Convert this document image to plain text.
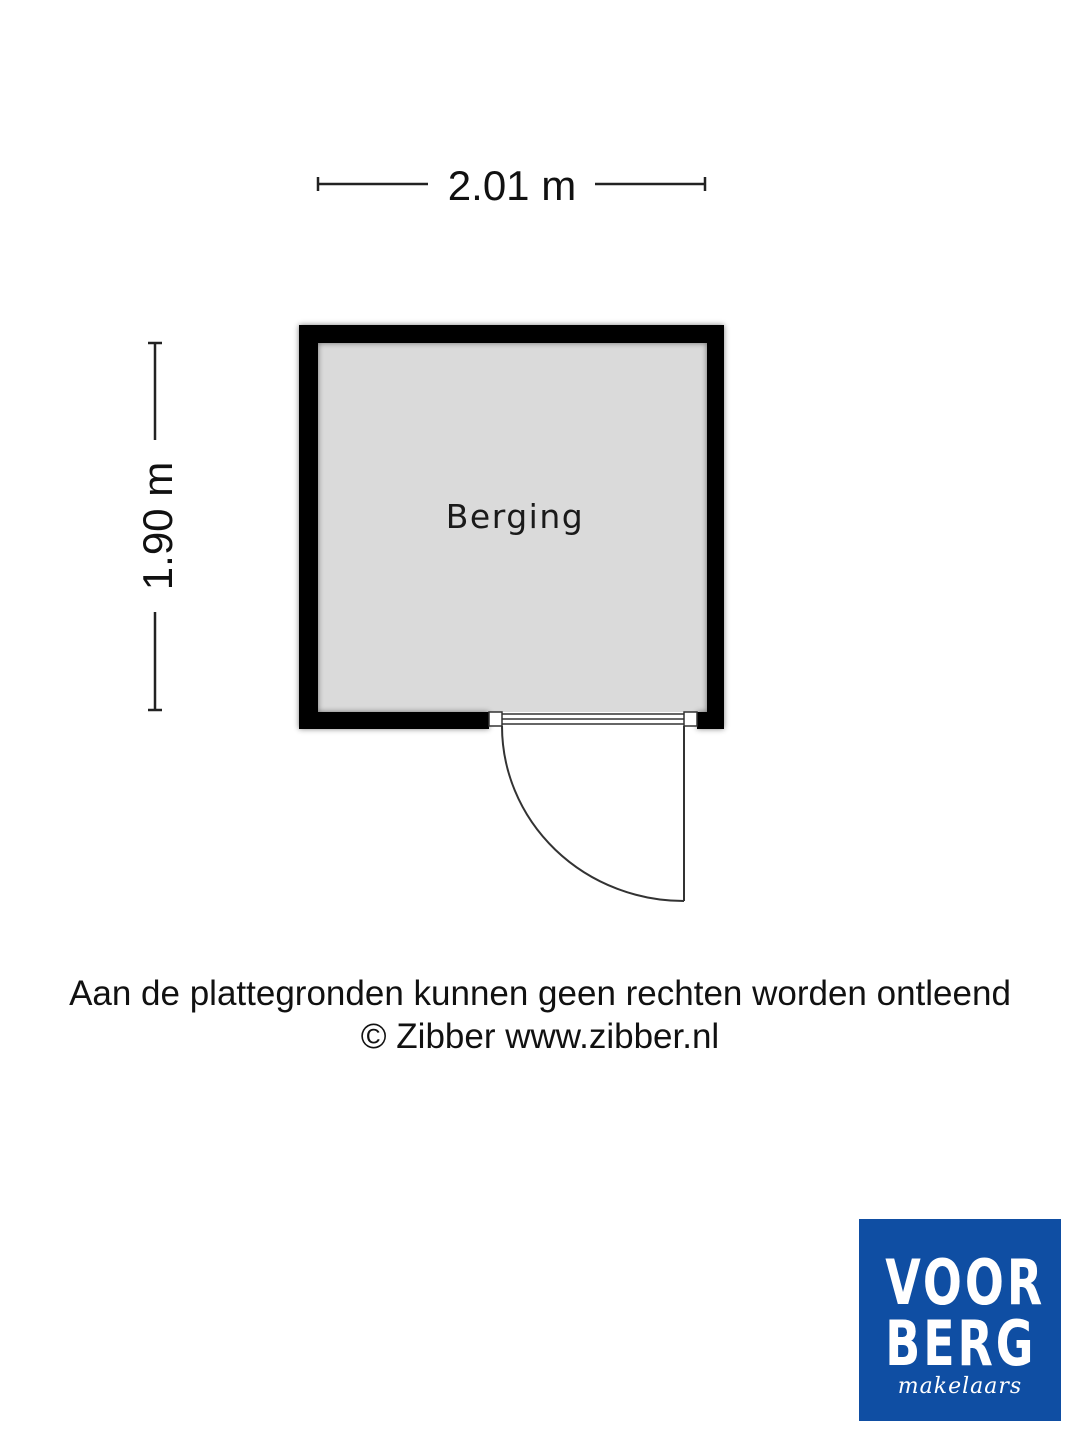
2.01 m
1.90 m	Berging
Aan de plattegronden kunnen geen rechten worden ontleend
© Zibber www.zibber.nl
VOOR
BERG
makelaars
